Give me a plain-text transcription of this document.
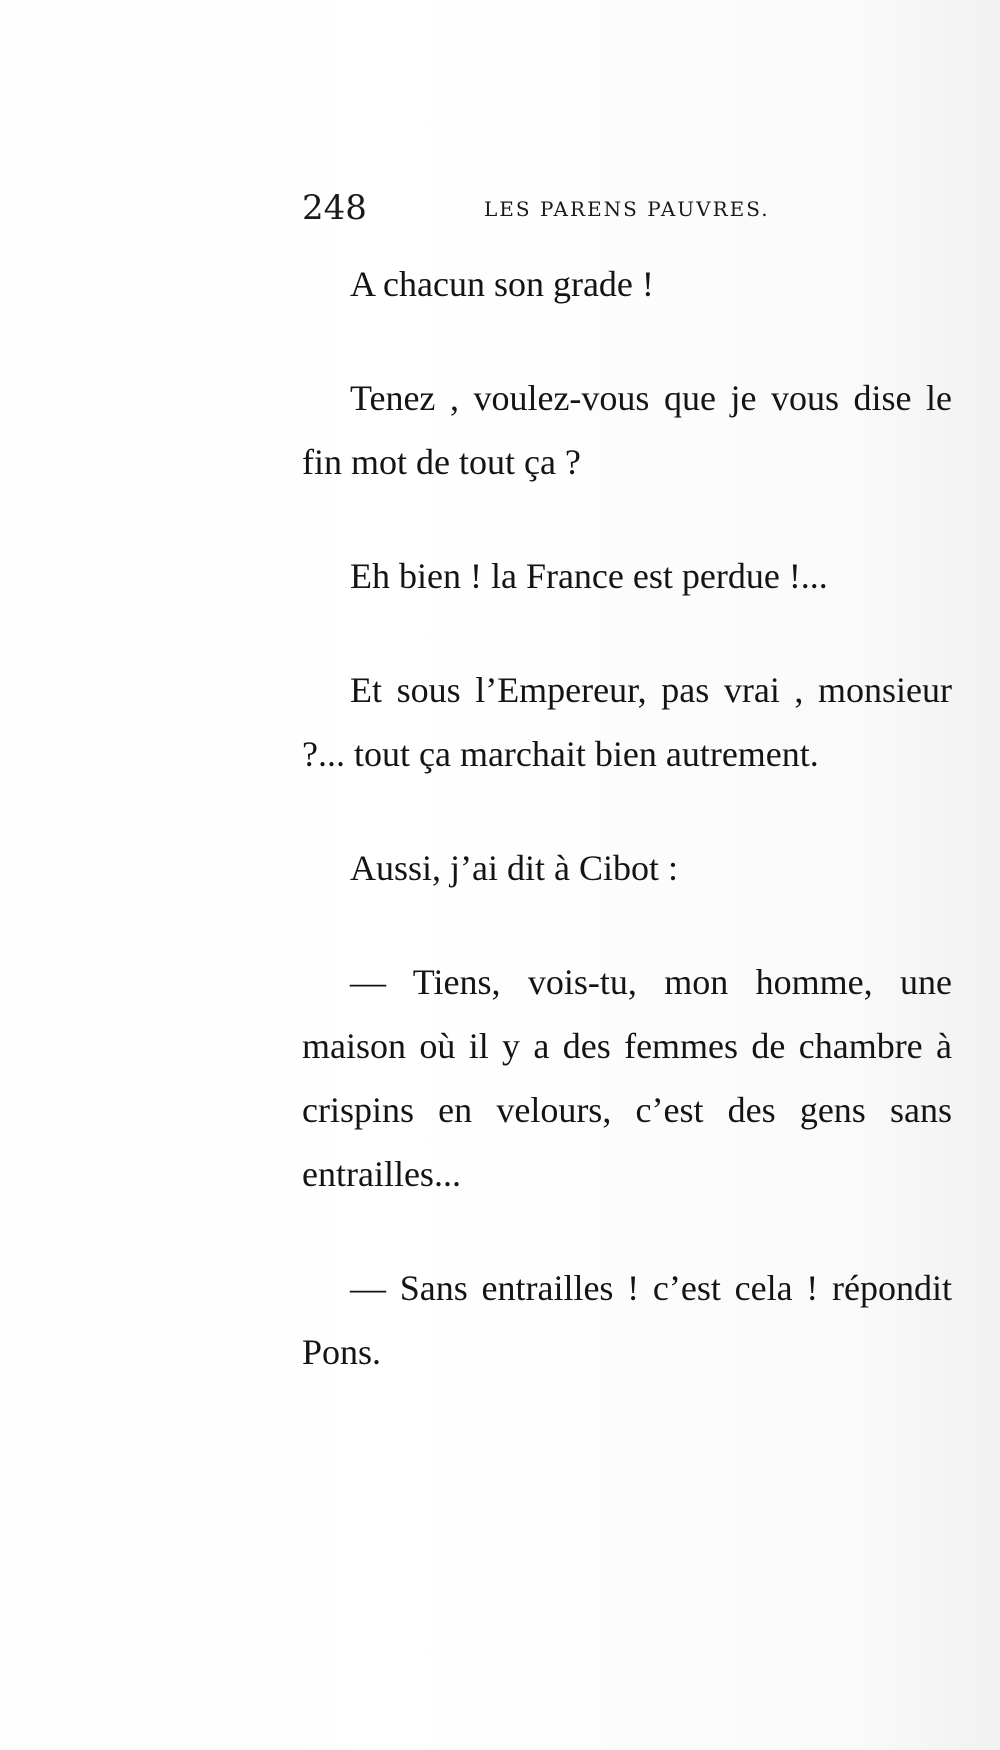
248	LES PARENS PAUVRES.

A chacun son grade !

Tenez , voulez-vous que je vous dise le fin mot de tout ça ?

Eh bien ! la France est perdue !...

Et sous l’Empereur, pas vrai , monsieur ?... tout ça marchait bien autrement.

Aussi, j’ai dit à Cibot :

— Tiens, vois-tu, mon homme, une maison où il y a des femmes de chambre à crispins en velours, c’est des gens sans entrailles...

— Sans entrailles ! c’est cela ! répondit Pons.
